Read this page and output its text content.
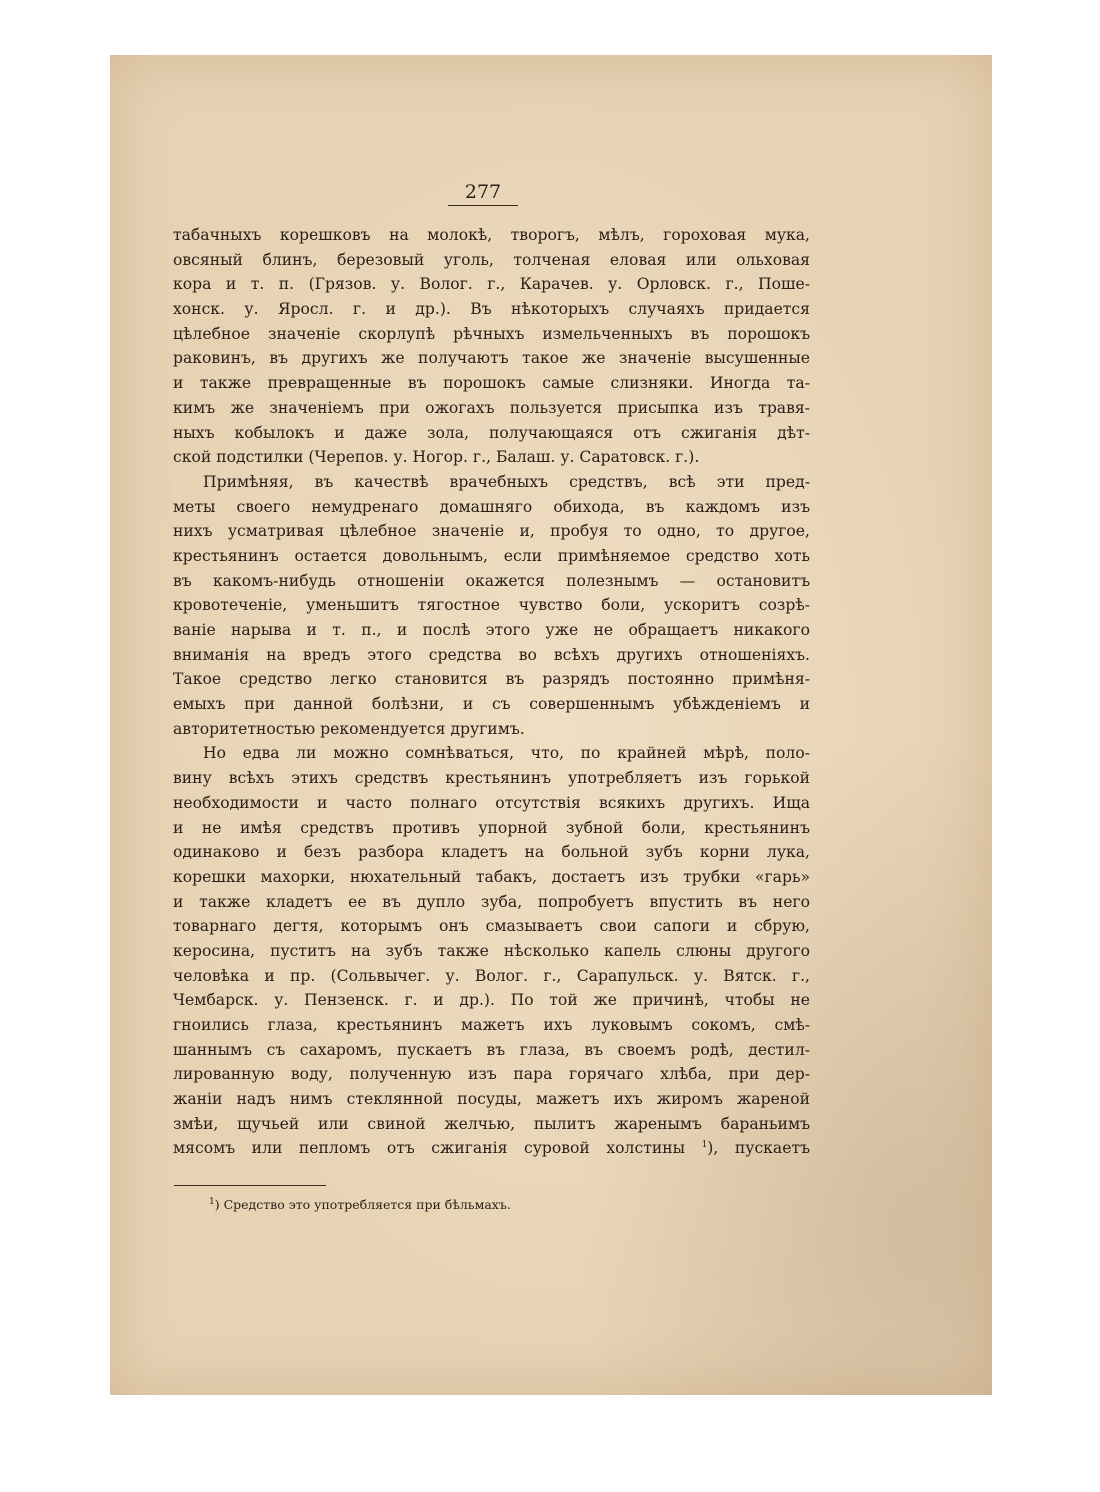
277
табачныхъ корешковъ на молокѣ, творогъ, мѣлъ, гороховая мука,
овсяный блинъ, березовый уголь, толченая еловая или ольховая
кора и т. п. (Грязов. у. Волог. г., Карачев. у. Орловск. г., Поше-
хонск. у. Яросл. г. и др.). Въ нѣкоторыхъ случаяхъ придается
цѣлебное значеніе скорлупѣ рѣчныхъ измельченныхъ въ порошокъ
раковинъ, въ другихъ же получаютъ такое же значеніе высушенные
и также превращенные въ порошокъ самые слизняки. Иногда та-
кимъ же значеніемъ при ожогахъ пользуется присыпка изъ травя-
ныхъ кобылокъ и даже зола, получающаяся отъ сжиганія дѣт-
ской подстилки (Черепов. у. Ногор. г., Балаш. у. Саратовск. г.).
Примѣняя, въ качествѣ врачебныхъ средствъ, всѣ эти пред-
меты своего немудренаго домашняго обихода, въ каждомъ изъ
нихъ усматривая цѣлебное значеніе и, пробуя то одно, то другое,
крестьянинъ остается довольнымъ, если примѣняемое средство хоть
въ какомъ-нибудь отношеніи окажется полезнымъ — остановитъ
кровотеченіе, уменьшитъ тягостное чувство боли, ускоритъ созрѣ-
ваніе нарыва и т. п., и послѣ этого уже не обращаетъ никакого
вниманія на вредъ этого средства во всѣхъ другихъ отношеніяхъ.
Такое средство легко становится въ разрядъ постоянно примѣня-
емыхъ при данной болѣзни, и съ совершеннымъ убѣжденіемъ и
авторитетностью рекомендуется другимъ.
Но едва ли можно сомнѣваться, что, по крайней мѣрѣ, поло-
вину всѣхъ этихъ средствъ крестьянинъ употребляетъ изъ горькой
необходимости и часто полнаго отсутствія всякихъ другихъ. Ища
и не имѣя средствъ противъ упорной зубной боли, крестьянинъ
одинаково и безъ разбора кладетъ на больной зубъ корни лука,
корешки махорки, нюхательный табакъ, достаетъ изъ трубки «гарь»
и также кладетъ ее въ дупло зуба, попробуетъ впустить въ него
товарнаго дегтя, которымъ онъ смазываетъ свои сапоги и сбрую,
керосина, пуститъ на зубъ также нѣсколько капель слюны другого
человѣка и пр. (Сольвычег. у. Волог. г., Сарапульск. у. Вятск. г.,
Чембарск. у. Пензенск. г. и др.). По той же причинѣ, чтобы не
гноились глаза, крестьянинъ мажетъ ихъ луковымъ сокомъ, смѣ-
шаннымъ съ сахаромъ, пускаетъ въ глаза, въ своемъ родѣ, дестил-
лированную воду, полученную изъ пара горячаго хлѣба, при дер-
жаніи надъ нимъ стеклянной посуды, мажетъ ихъ жиромъ жареной
змѣи, щучьей или свиной желчью, пылитъ жаренымъ бараньимъ
мясомъ или пепломъ отъ сжиганія суровой холстины $^1$), пускаетъ
$^1$) Средство это употребляется при бѣльмахъ.
